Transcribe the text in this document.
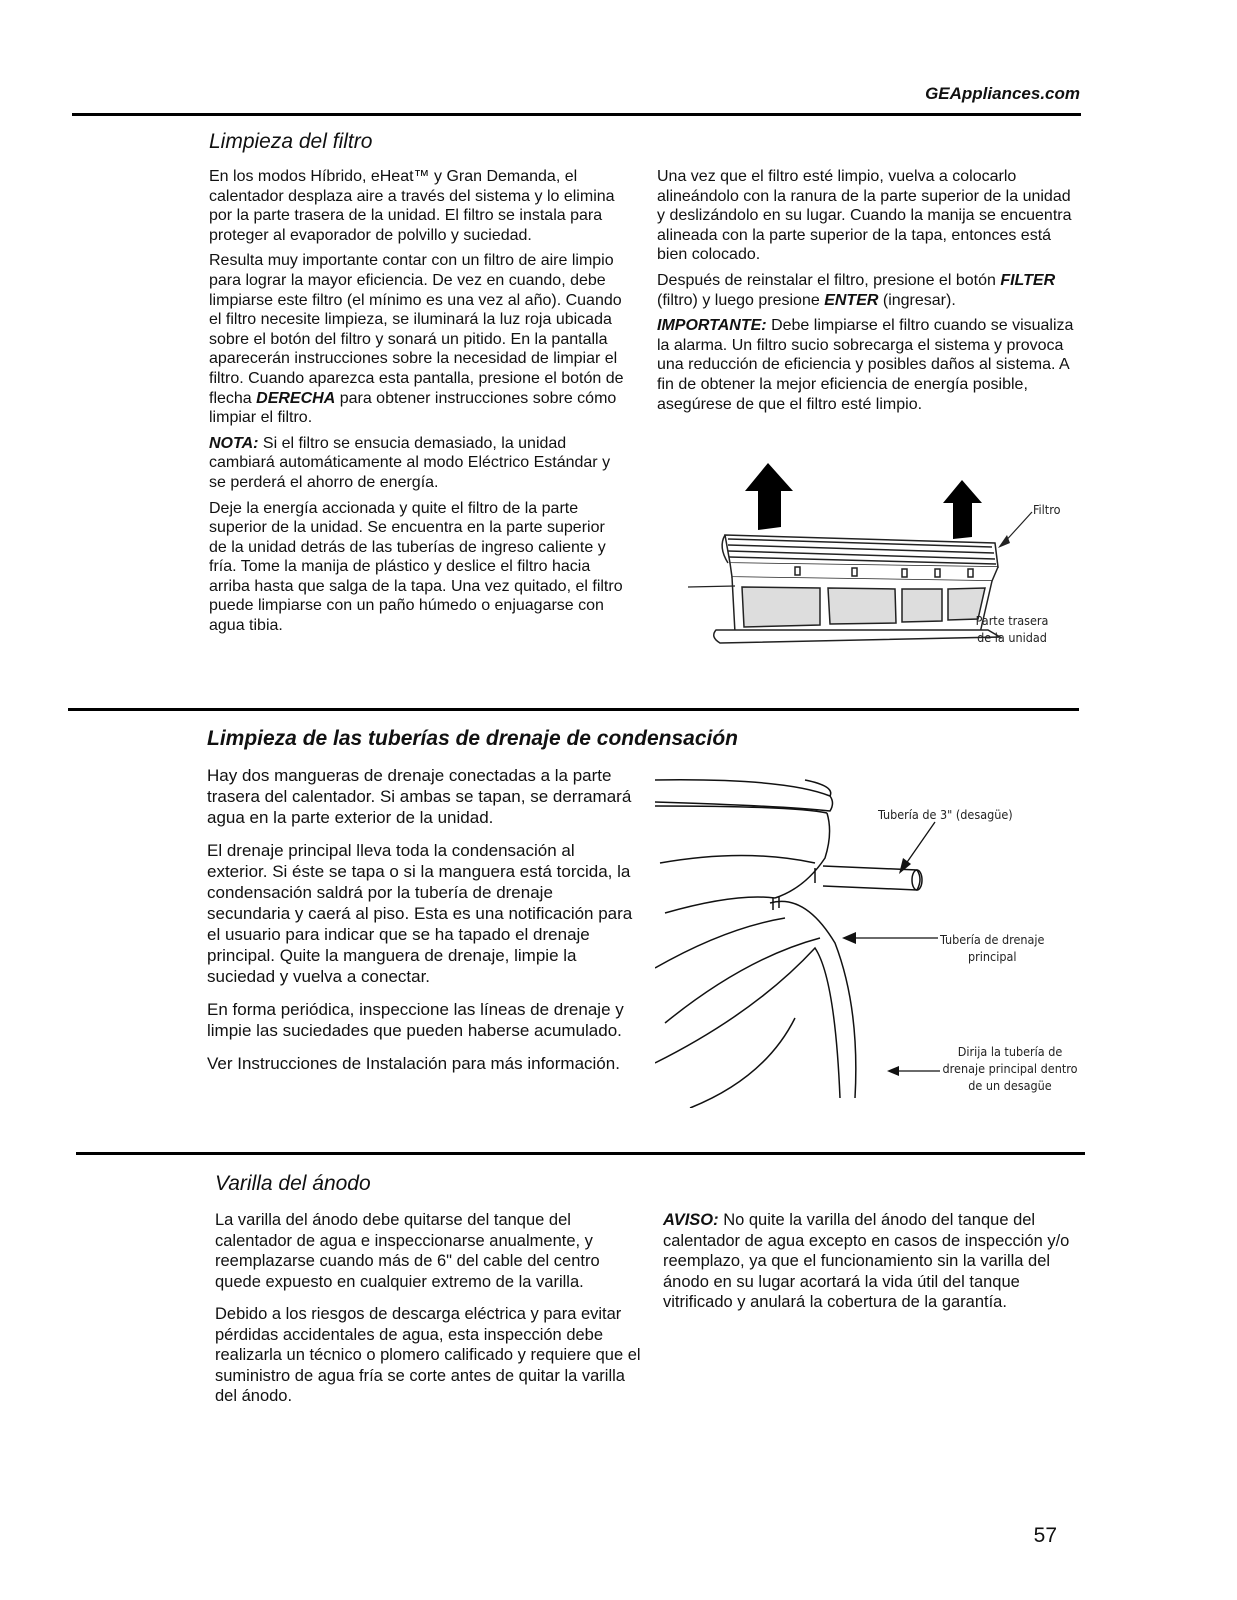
GEAppliances.com
Limpieza del filtro

En los modos Híbrido, eHeat™ y Gran Demanda, el calentador desplaza aire a través del sistema y lo elimina por la parte trasera de la unidad. El filtro se instala para proteger al evaporador de polvillo y suciedad.

Resulta muy importante contar con un filtro de aire limpio para lograr la mayor eficiencia. De vez en cuando, debe limpiarse este filtro (el mínimo es una vez al año). Cuando el filtro necesite limpieza, se iluminará la luz roja ubicada sobre el botón del filtro y sonará un pitido. En la pantalla aparecerán instrucciones sobre la necesidad de limpiar el filtro. Cuando aparezca esta pantalla, presione el botón de flecha DERECHA para obtener instrucciones sobre cómo limpiar el filtro.

NOTA: Si el filtro se ensucia demasiado, la unidad cambiará automáticamente al modo Eléctrico Estándar y se perderá el ahorro de energía.

Deje la energía accionada y quite el filtro de la parte superior de la unidad. Se encuentra en la parte superior de la unidad detrás de las tuberías de ingreso caliente y fría. Tome la manija de plástico y deslice el filtro hacia arriba hasta que salga de la tapa. Una vez quitado, el filtro puede limpiarse con un paño húmedo o enjuagarse con agua tibia.

Una vez que el filtro esté limpio, vuelva a colocarlo alineándolo con la ranura de la parte superior de la unidad y deslizándolo en su lugar. Cuando la manija se encuentra alineada con la parte superior de la tapa, entonces está bien colocado.

Después de reinstalar el filtro, presione el botón FILTER (filtro) y luego presione ENTER (ingresar).

IMPORTANTE: Debe limpiarse el filtro cuando se visualiza la alarma. Un filtro sucio sobrecarga el sistema y provoca una reducción de eficiencia y posibles daños al sistema. A fin de obtener la mejor eficiencia de energía posible, asegúrese de que el filtro esté limpio.

Filtro
Parte trasera
de la unidad
Limpieza de las tuberías de drenaje de condensación

Hay dos mangueras de drenaje conectadas a la parte trasera del calentador. Si ambas se tapan, se derramará agua en la parte exterior de la unidad.

El drenaje principal lleva toda la condensación al exterior. Si éste se tapa o si la manguera está torcida, la condensación saldrá por la tubería de drenaje secundaria y caerá al piso. Esta es una notificación para el usuario para indicar que se ha tapado el drenaje principal. Quite la manguera de drenaje, limpie la suciedad y vuelva a conectar.

En forma periódica, inspeccione las líneas de drenaje y limpie las suciedades que pueden haberse acumulado.

Ver Instrucciones de Instalación para más información.

Tubería de 3" (desagüe)
Tubería de drenaje
principal
Dirija la tubería de
drenaje principal dentro
de un desagüe
Varilla del ánodo

La varilla del ánodo debe quitarse del tanque del calentador de agua e inspeccionarse anualmente, y reemplazarse cuando más de 6" del cable del centro quede expuesto en cualquier extremo de la varilla.

Debido a los riesgos de descarga eléctrica y para evitar pérdidas accidentales de agua, esta inspección debe realizarla un técnico o plomero calificado y requiere que el suministro de agua fría se corte antes de quitar la varilla del ánodo.

AVISO: No quite la varilla del ánodo del tanque del calentador de agua excepto en casos de inspección y/o reemplazo, ya que el funcionamiento sin la varilla del ánodo en su lugar acortará la vida útil del tanque vitrificado y anulará la cobertura de la garantía.

57
